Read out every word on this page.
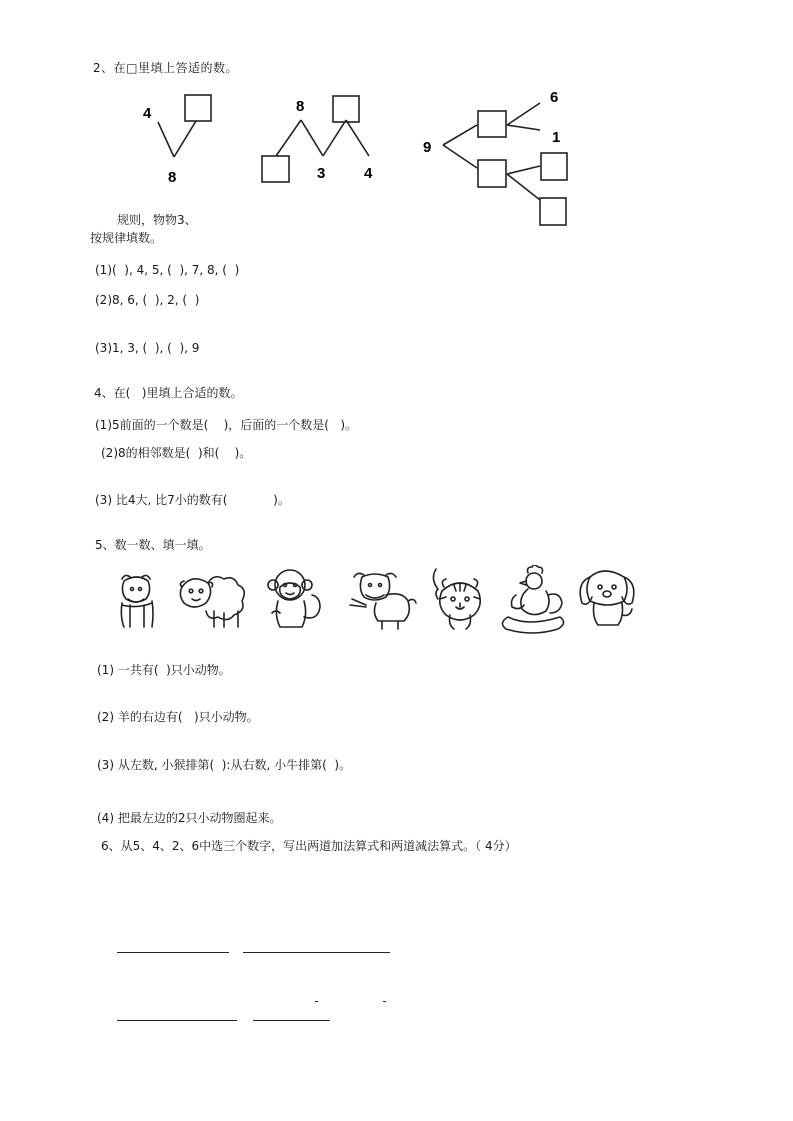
2、在□里填上答适的数。
4
8
8
3	4
9
6
1
规则，物物3、
按规律填数。
(1)(  ), 4, 5, (  ), 7, 8, (  )
(2)8, 6, (  ), 2, (  )
(3)1, 3, (  ), (  ), 9
4、在(   )里填上合适的数。
(1)5前面的一个数是(    )，后面的一个数是(   )。
(2)8的相邻数是(  )和(    )。
(3) 比4大, 比7小的数有(            )。
5、数一数、填一填。
(1) 一共有(  )只小动物。
(2) 羊的右边有(   )只小动物。
(3) 从左数, 小猴排第(  ):从右数, 小牛排第(  )。
(4) 把最左边的2只小动物圈起来。
6、从5、4、2、6中选三个数字，写出两道加法算式和两道减法算式。（ 4分）
